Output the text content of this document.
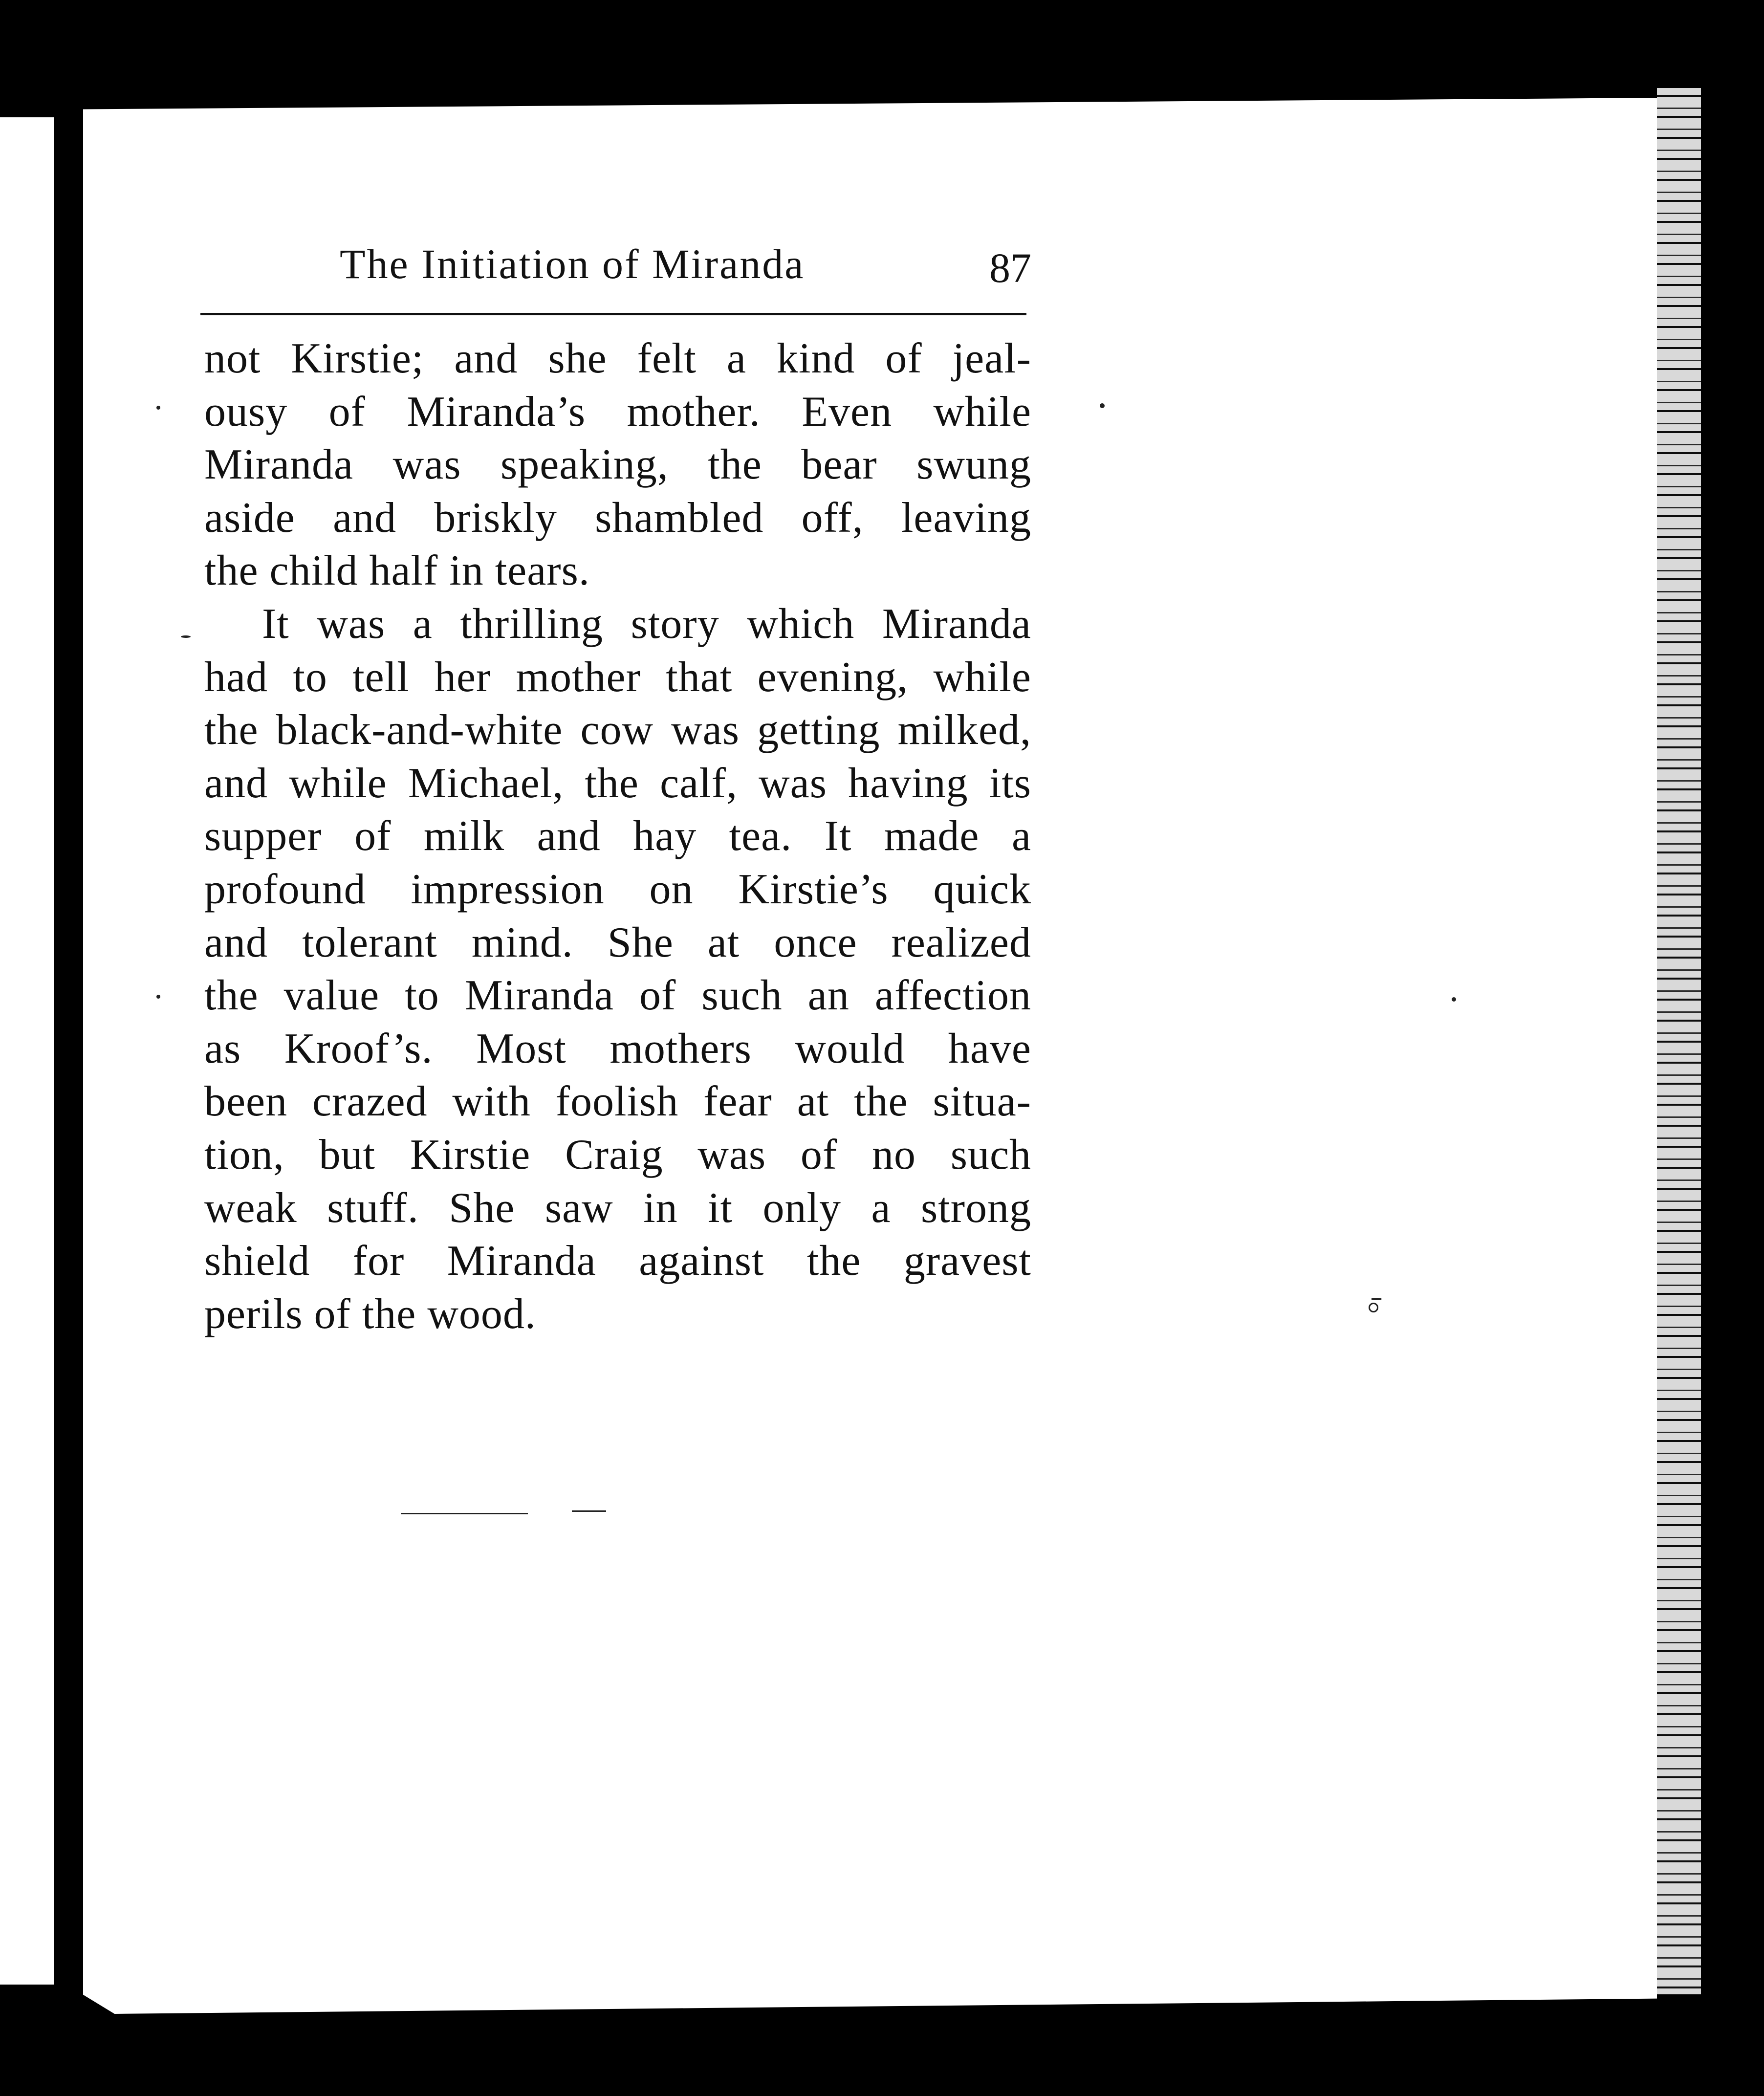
The Initiation of Miranda	87
not Kirstie; and she felt a kind of jeal-
ousy of Miranda’s mother. Even while
Miranda was speaking, the bear swung
aside and briskly shambled off, leaving
the child half in tears.
It was a thrilling story which Miranda
had to tell her mother that evening, while
the black-and-white cow was getting milked,
and while Michael, the calf, was having its
supper of milk and hay tea. It made a
profound impression on Kirstie’s quick
and tolerant mind. She at once realized
the value to Miranda of such an affection
as Kroof’s. Most mothers would have
been crazed with foolish fear at the situa-
tion, but Kirstie Craig was of no such
weak stuff. She saw in it only a strong
shield for Miranda against the gravest
perils of the wood.
